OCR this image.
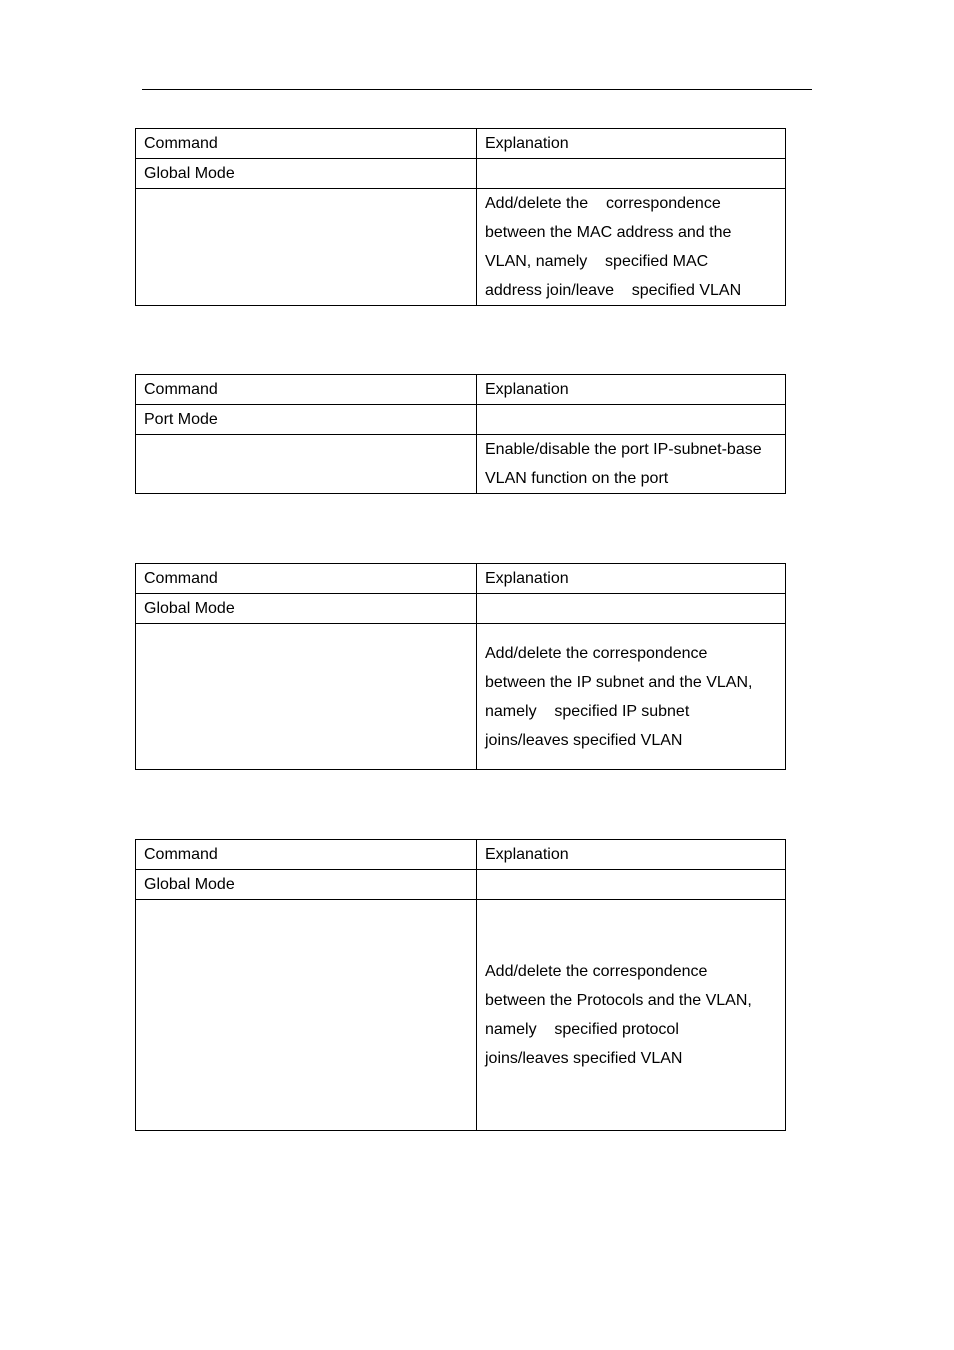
Command	Explanation
Global Mode	

	Add/delete the    correspondence
between the MAC address and the
VLAN, namely    specified MAC
address join/leave    specified VLAN
Command	Explanation
Port Mode	

	Enable/disable the port IP-subnet-base
VLAN function on the port
Command	Explanation
Global Mode	

	Add/delete the correspondence
between the IP subnet and the VLAN,
namely    specified IP subnet
joins/leaves specified VLAN
Command	Explanation
Global Mode	

	Add/delete the correspondence
between the Protocols and the VLAN,
namely    specified protocol
joins/leaves specified VLAN
